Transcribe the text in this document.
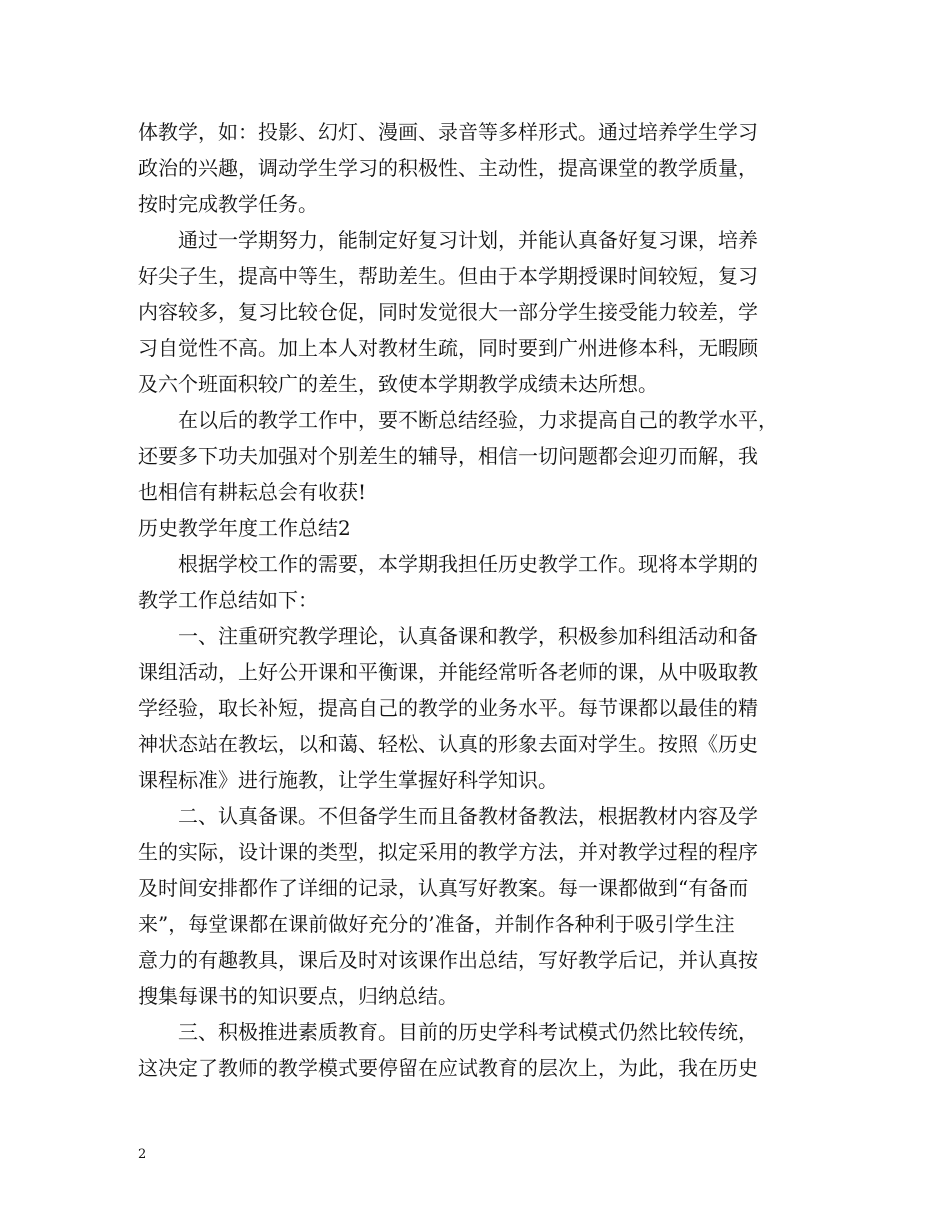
体教学，如：投影、幻灯、漫画、录音等多样形式。通过培养学生学习
政治的兴趣，调动学生学习的积极性、主动性，提高课堂的教学质量，
按时完成教学任务。
　　通过一学期努力，能制定好复习计划，并能认真备好复习课，培养
好尖子生，提高中等生，帮助差生。但由于本学期授课时间较短，复习
内容较多，复习比较仓促，同时发觉很大一部分学生接受能力较差，学
习自觉性不高。加上本人对教材生疏，同时要到广州进修本科，无暇顾
及六个班面积较广的差生，致使本学期教学成绩未达所想。
　　在以后的教学工作中，要不断总结经验，力求提高自己的教学水平，
还要多下功夫加强对个别差生的辅导，相信一切问题都会迎刃而解，我
也相信有耕耘总会有收获!
历史教学年度工作总结2
　　根据学校工作的需要，本学期我担任历史教学工作。现将本学期的
教学工作总结如下：
　　一、注重研究教学理论，认真备课和教学，积极参加科组活动和备
课组活动，上好公开课和平衡课，并能经常听各老师的课，从中吸取教
学经验，取长补短，提高自己的教学的业务水平。每节课都以最佳的精
神状态站在教坛，以和蔼、轻松、认真的形象去面对学生。按照《历史
课程标准》进行施教，让学生掌握好科学知识。
　　二、认真备课。不但备学生而且备教材备教法，根据教材内容及学
生的实际，设计课的类型，拟定采用的教学方法，并对教学过程的程序
及时间安排都作了详细的记录，认真写好教案。每一课都做到“有备而
来”，每堂课都在课前做好充分的’准备，并制作各种利于吸引学生注
意力的有趣教具，课后及时对该课作出总结，写好教学后记，并认真按
搜集每课书的知识要点，归纳总结。
　　三、积极推进素质教育。目前的历史学科考试模式仍然比较传统，
这决定了教师的教学模式要停留在应试教育的层次上，为此，我在历史
2
